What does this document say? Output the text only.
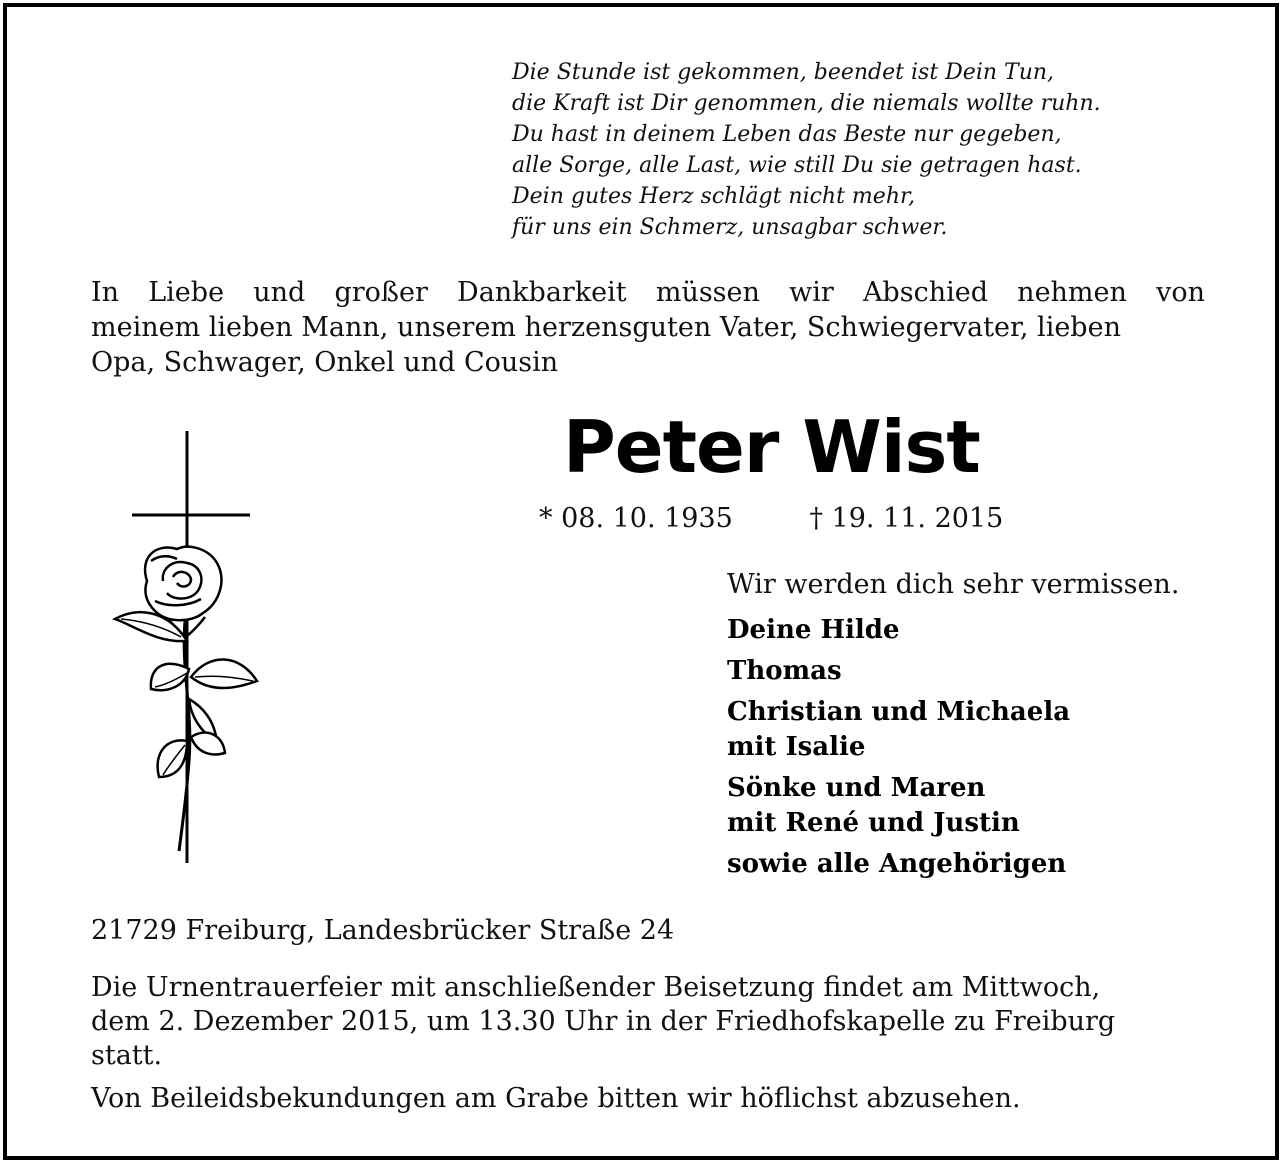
Die Stunde ist gekommen, beendet ist Dein Tun,
die Kraft ist Dir genommen, die niemals wollte ruhn.
Du hast in deinem Leben das Beste nur gegeben,
alle Sorge, alle Last, wie still Du sie getragen hast.
Dein gutes Herz schlägt nicht mehr,
für uns ein Schmerz, unsagbar schwer.
In Liebe und großer Dankbarkeit müssen wir Abschied nehmen von
meinem lieben Mann, unserem herzensguten Vater, Schwiegervater, lieben
Opa, Schwager, Onkel und Cousin
Peter Wist
* 08. 10. 1935	† 19. 11. 2015
Wir werden dich sehr vermissen.
Deine Hilde
Thomas
Christian und Michaela
mit Isalie
Sönke und Maren
mit René und Justin
sowie alle Angehörigen
21729 Freiburg, Landesbrücker Straße 24
Die Urnentrauerfeier mit anschließender Beisetzung findet am Mittwoch,
dem 2. Dezember 2015, um 13.30 Uhr in der Friedhofskapelle zu Freiburg
statt.
Von Beileidsbekundungen am Grabe bitten wir höflichst abzusehen.
